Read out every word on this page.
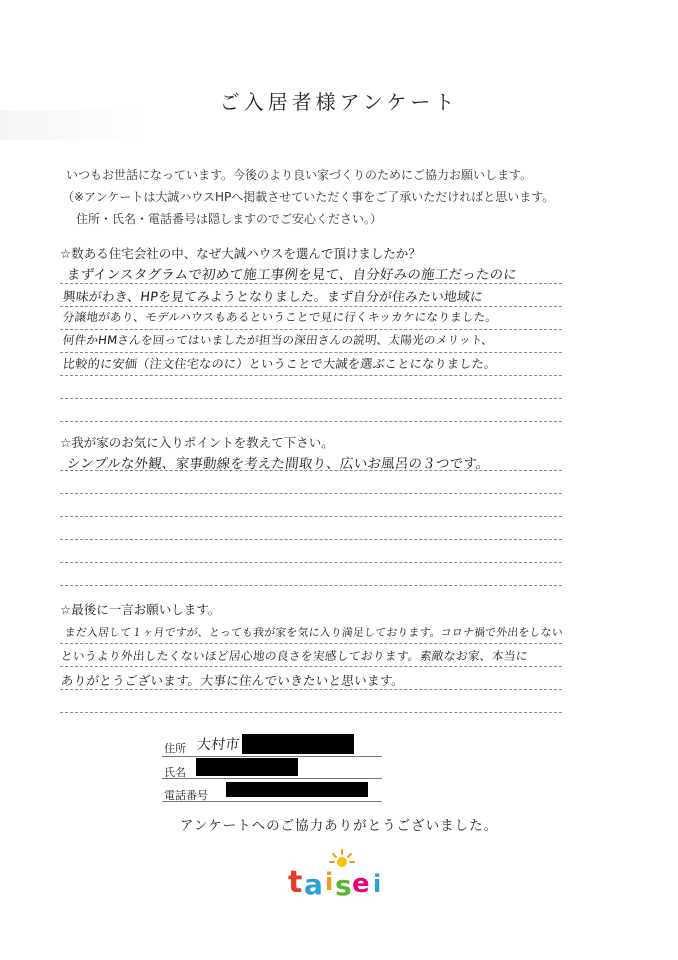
ご入居者様アンケート
いつもお世話になっています。今後のより良い家づくりのためにご協力お願いします。
（※アンケートは大誠ハウスHPへ掲載させていただく事をご了承いただければと思います。
住所・氏名・電話番号は隠しますのでご安心ください。）
☆数ある住宅会社の中、なぜ大誠ハウスを選んで頂けましたか？
まずインスタグラムで初めて施工事例を見て、自分好みの施工だったのに
興味がわき、HPを見てみようとなりました。まず自分が住みたい地域に
分譲地があり、モデルハウスもあるということで見に行くキッカケになりました。
何件かHMさんを回ってはいましたが担当の深田さんの説明、太陽光のメリット、
比較的に安価（注文住宅なのに）ということで大誠を選ぶことになりました。
☆我が家のお気に入りポイントを教えて下さい。
シンプルな外観、家事動線を考えた間取り、広いお風呂の３つです。
☆最後に一言お願いします。
まだ入居して１ヶ月ですが、とっても我が家を気に入り満足しております。コロナ禍で外出をしない
というより外出したくないほど居心地の良さを実感しております。素敵なお家、本当に
ありがとうございます。大事に住んでいきたいと思います。
住所 大村市
氏名
電話番号
アンケートへのご協力ありがとうございました。
t a i s e i
